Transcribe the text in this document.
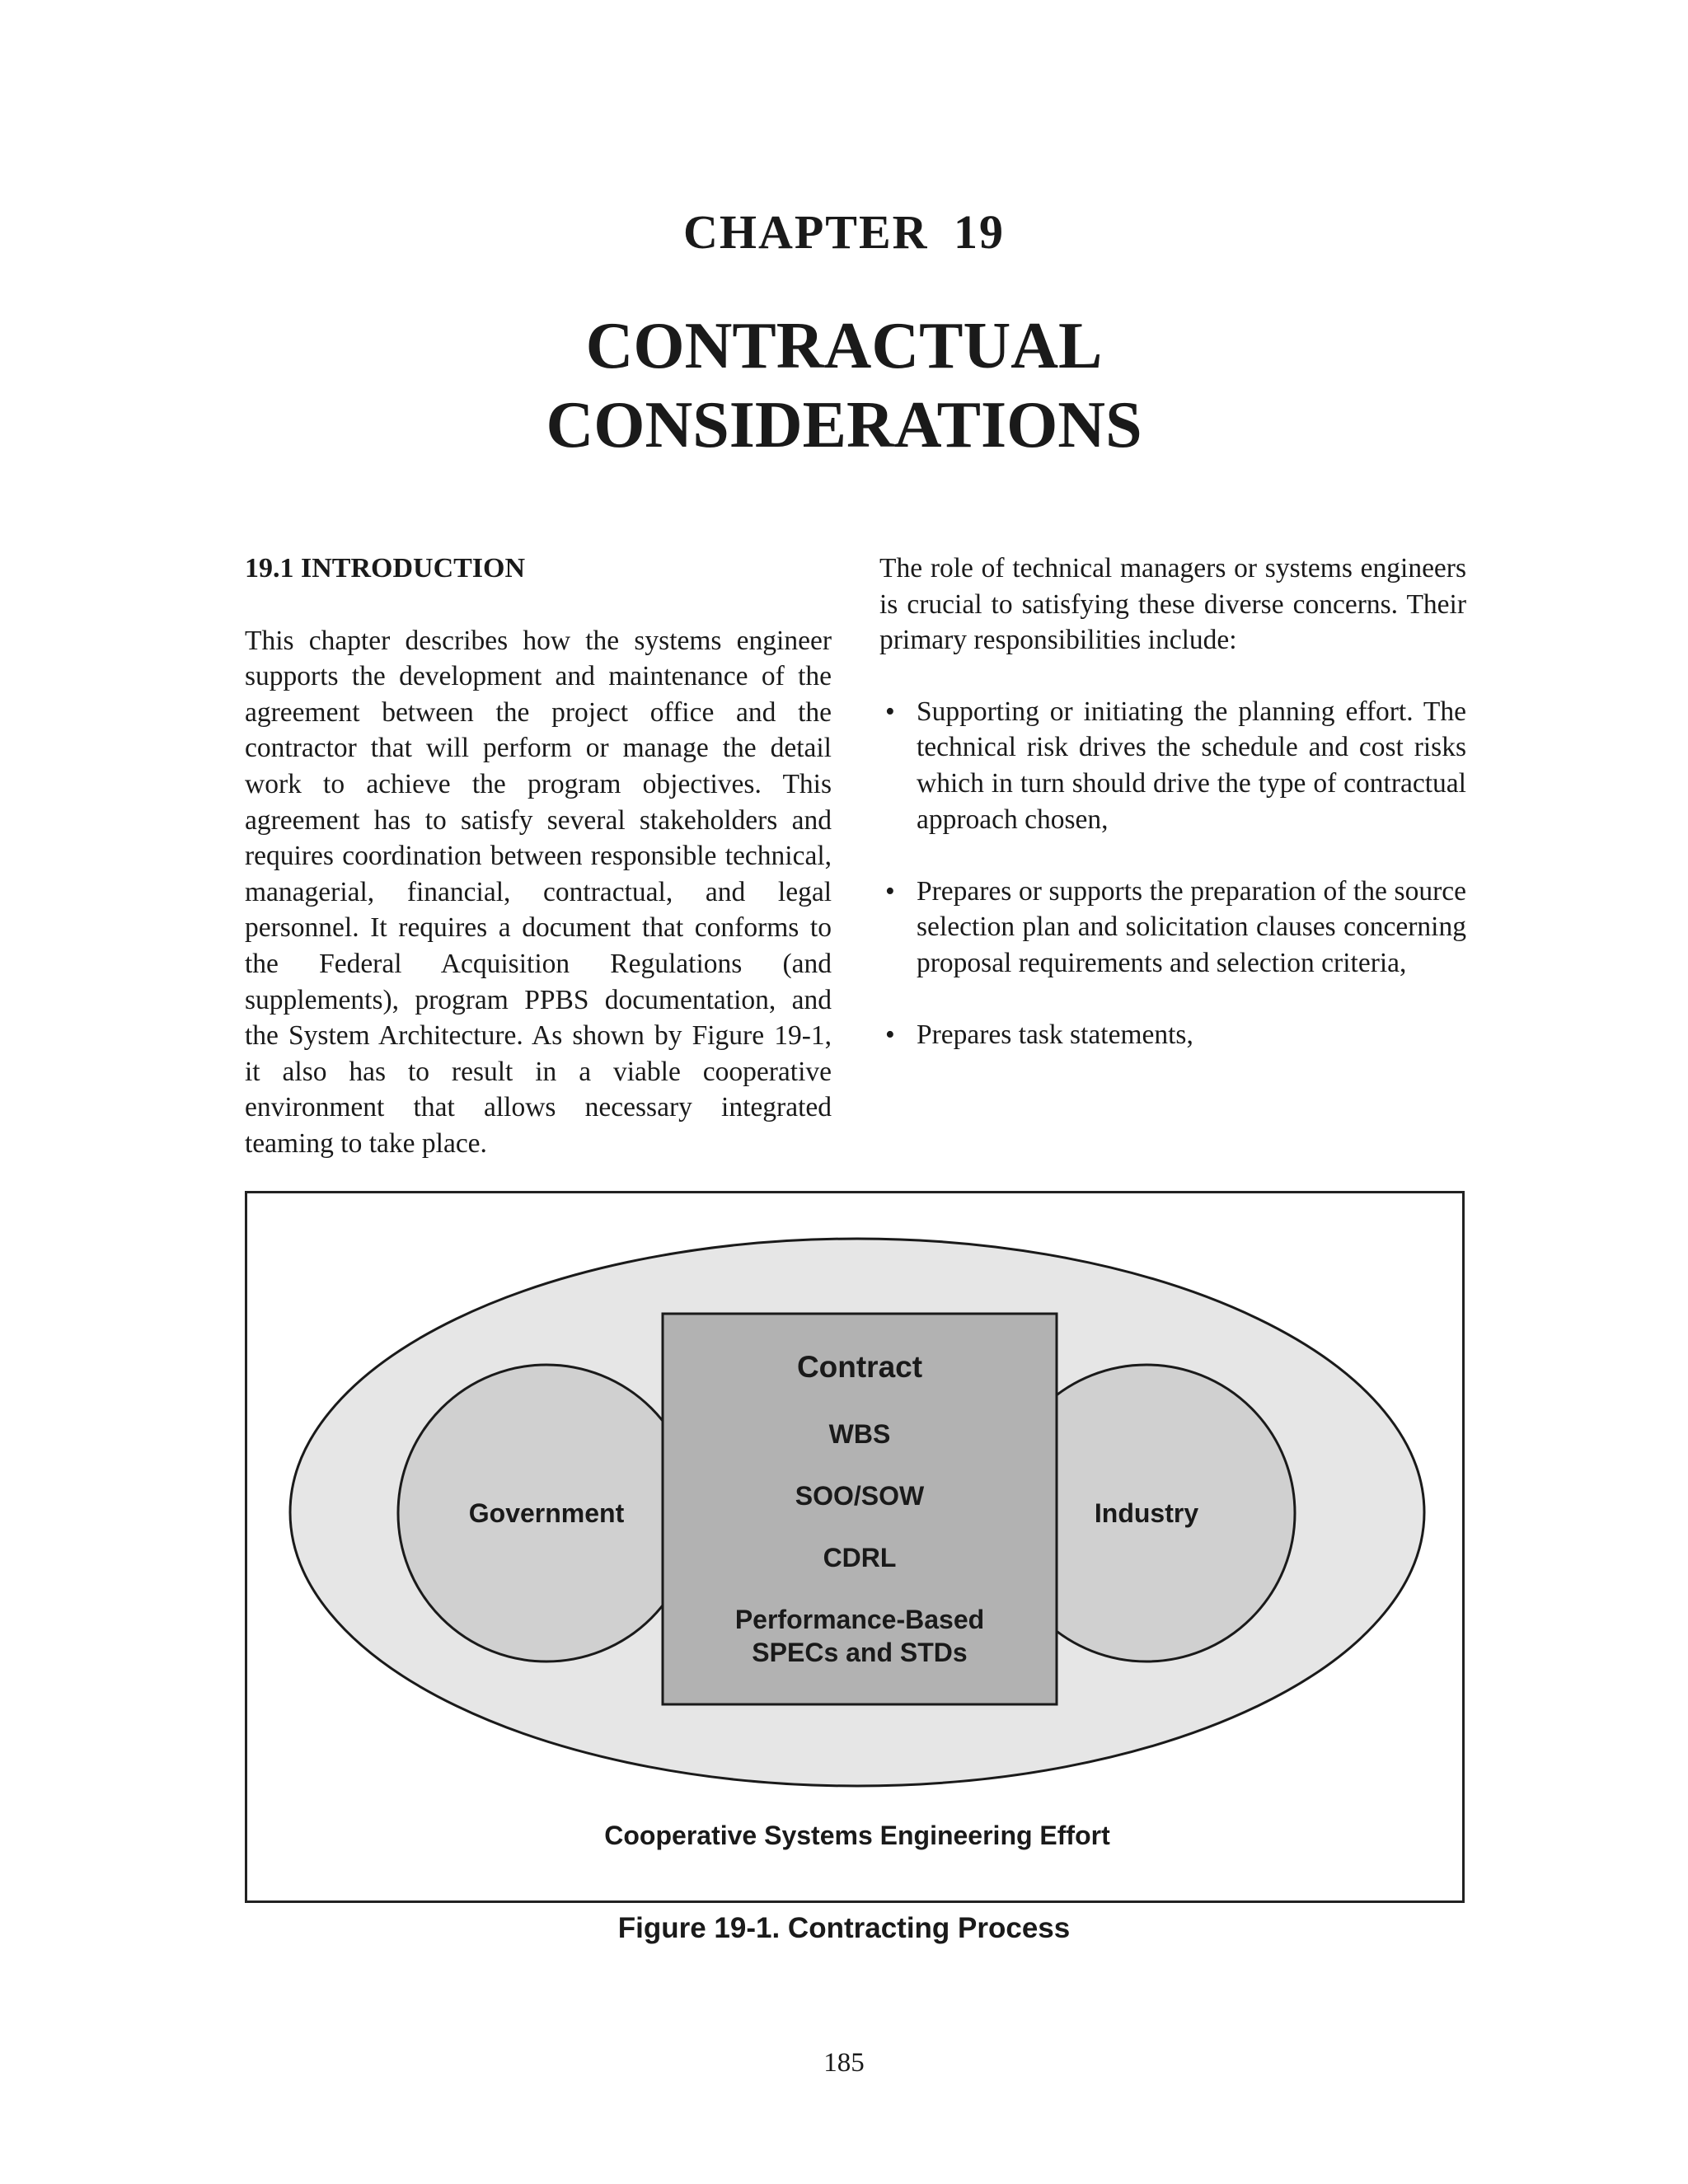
CHAPTER 19
CONTRACTUAL
CONSIDERATIONS
19.1 INTRODUCTION

This chapter describes how the systems engineer supports the development and maintenance of the agreement between the project office and the contractor that will perform or manage the detail work to achieve the program objectives. This agreement has to satisfy several stakeholders and requires coordination between responsible technical, managerial, financial, contractual, and legal personnel. It requires a document that conforms to the Federal Acquisition Regulations (and supplements), program PPBS documentation, and the System Architecture. As shown by Figure 19-1, it also has to result in a viable cooperative environment that allows necessary integrated teaming to take place.

The role of technical managers or systems engineers is crucial to satisfying these diverse concerns. Their primary responsibilities include:

• Supporting or initiating the planning effort. The technical risk drives the schedule and cost risks which in turn should drive the type of contractual approach chosen,
• Prepares or supports the preparation of the source selection plan and solicitation clauses concerning proposal requirements and selection criteria,
• Prepares task statements,
Contract
WBS
SOO/SOW
CDRL
Performance-Based
SPECs and STDs
Government	Industry
Cooperative Systems Engineering Effort
Figure 19-1. Contracting Process
185
